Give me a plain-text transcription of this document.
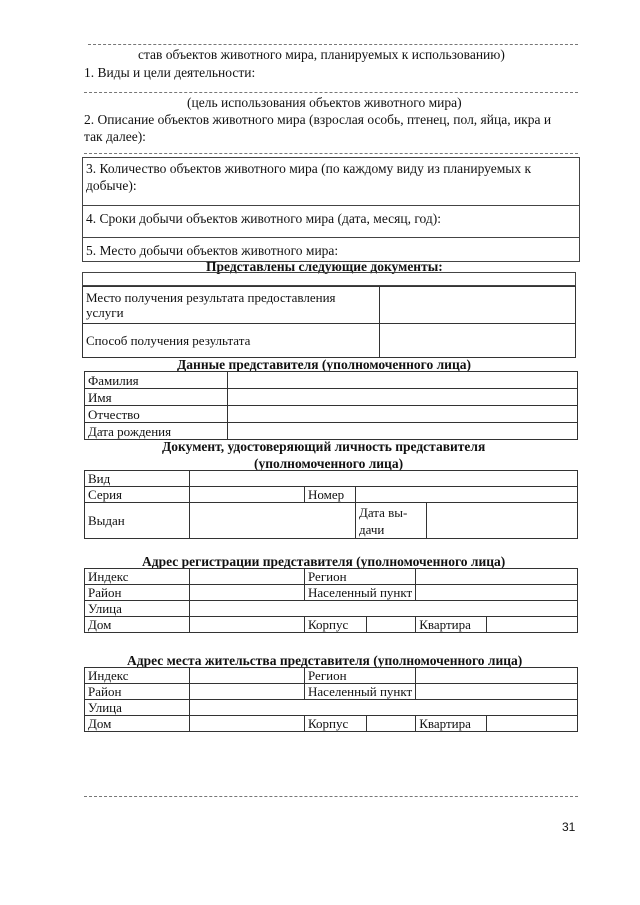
став объектов животного мира, планируемых к использованию)
1. Виды и цели деятельности:
(цель использования объектов животного мира)
2. Описание объектов животного мира (взрослая особь, птенец, пол, яйца, икра и
так далее):
3. Количество объектов животного мира (по каждому виду из планируемых к
добыче):
4. Сроки добычи объектов животного мира (дата, месяц, год):
5. Место добычи объектов животного мира:
Представлены следующие документы:
Место получения результата предоставления
услуги	
Способ получения результата	
Данные представителя (уполномоченного лица)
Фамилия	
Имя	
Отчество	
Дата рождения	
Документ, удостоверяющий личность представителя
(уполномоченного лица)
Вид				
Серия		Номер		
Выдан			Дата вы-
дачи	
Адрес регистрации представителя (уполномоченного лица)
Индекс		Регион		
Район		Населенный пункт		
Улица				
Дом		Корпус		Квартира
Адрес места жительства представителя (уполномоченного лица)
Индекс		Регион		
Район		Населенный пункт		
Улица				
Дом		Корпус		Квартира
31
